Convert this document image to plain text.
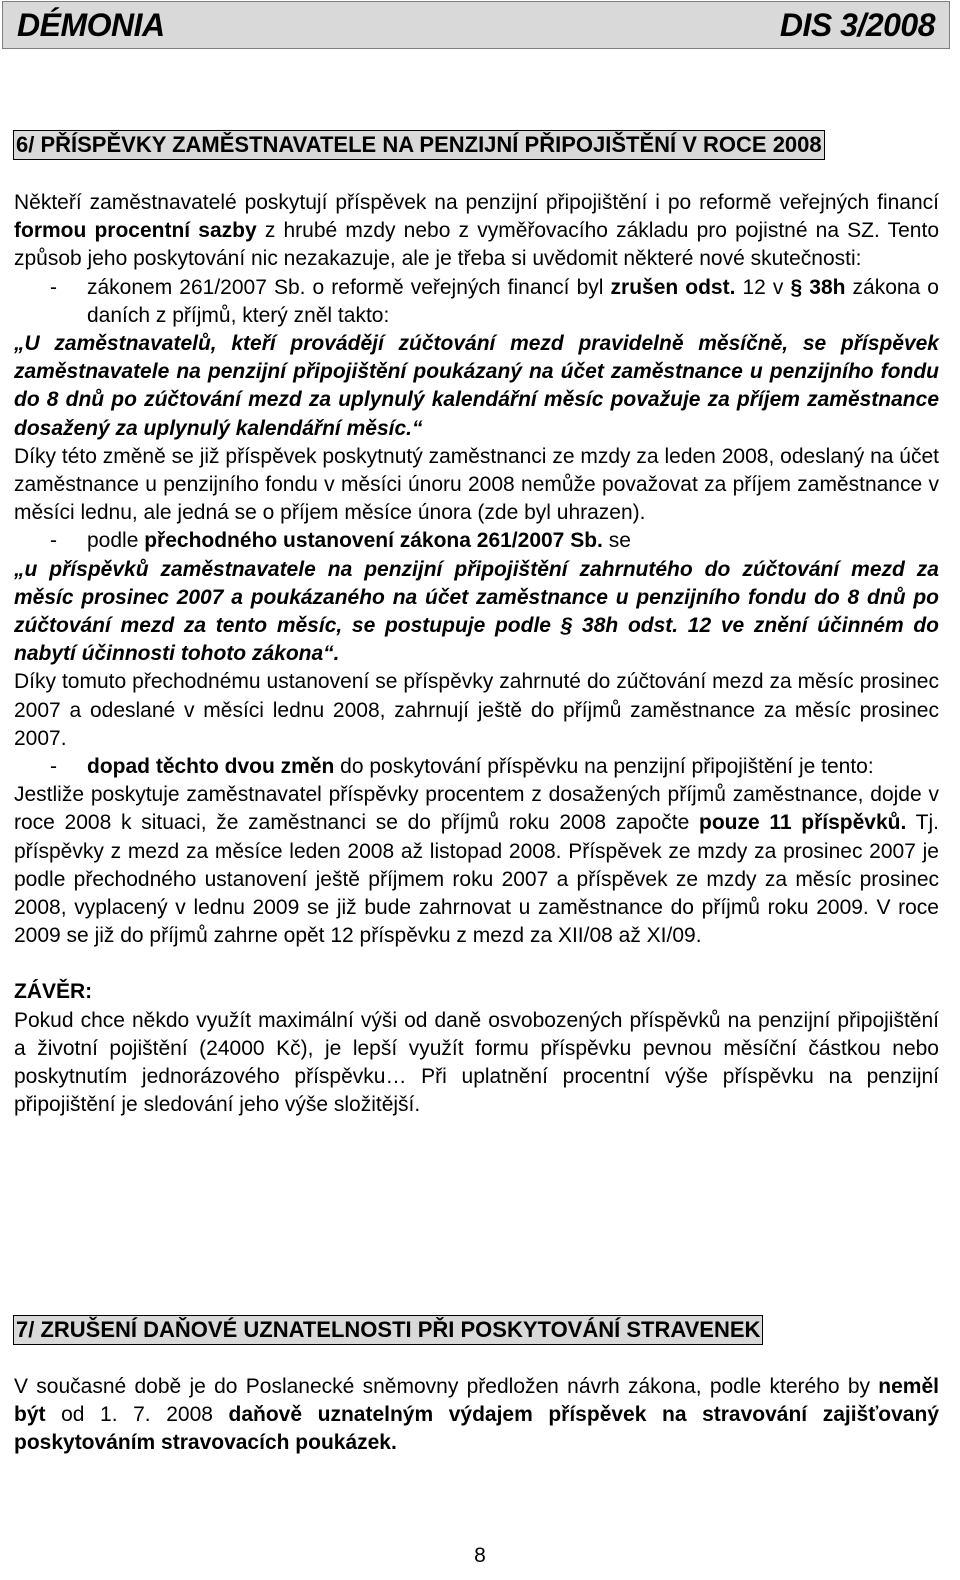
DÉMONIA	DIS 3/2008
6/ PŘÍSPĚVKY ZAMĚSTNAVATELE NA PENZIJNÍ PŘIPOJIŠTĚNÍ V ROCE 2008
Někteří zaměstnavatelé poskytují příspěvek na penzijní připojištění i po reformě veřejných financí formou procentní sazby z hrubé mzdy nebo z vyměřovacího základu pro pojistné na SZ. Tento způsob jeho poskytování nic nezakazuje, ale je třeba si uvědomit některé nové skutečnosti:
- zákonem 261/2007 Sb. o reformě veřejných financí byl zrušen odst. 12 v § 38h zákona o daních z příjmů, který zněl takto:
„U zaměstnavatelů, kteří provádějí zúčtování mezd pravidelně měsíčně, se příspěvek zaměstnavatele na penzijní připojištění poukázaný na účet zaměstnance u penzijního fondu do 8 dnů po zúčtování mezd za uplynulý kalendářní měsíc považuje za příjem zaměstnance dosažený za uplynulý kalendářní měsíc.“
Díky této změně se již příspěvek poskytnutý zaměstnanci ze mzdy za leden 2008, odeslaný na účet zaměstnance u penzijního fondu v měsíci únoru 2008 nemůže považovat za příjem zaměstnance v měsíci lednu, ale jedná se o příjem měsíce února (zde byl uhrazen).
- podle přechodného ustanovení zákona 261/2007 Sb. se
„u příspěvků zaměstnavatele na penzijní připojištění zahrnutého do zúčtování mezd za měsíc prosinec 2007 a poukázaného na účet zaměstnance u penzijního fondu do 8 dnů po zúčtování mezd za tento měsíc, se postupuje podle § 38h odst. 12 ve znění účinném do nabytí účinnosti tohoto zákona“.
Díky tomuto přechodnému ustanovení se příspěvky zahrnuté do zúčtování mezd za měsíc prosinec 2007 a odeslané v měsíci lednu 2008, zahrnují ještě do příjmů zaměstnance za měsíc prosinec 2007.
- dopad těchto dvou změn do poskytování příspěvku na penzijní připojištění je tento:
Jestliže poskytuje zaměstnavatel příspěvky procentem z dosažených příjmů zaměstnance, dojde v roce 2008 k situaci, že zaměstnanci se do příjmů roku 2008 započte pouze 11 příspěvků. Tj. příspěvky z mezd za měsíce leden 2008 až listopad 2008. Příspěvek ze mzdy za prosinec 2007 je podle přechodného ustanovení ještě příjmem roku 2007 a příspěvek ze mzdy za měsíc prosinec 2008, vyplacený v lednu 2009 se již bude zahrnovat u zaměstnance do příjmů roku 2009. V roce 2009 se již do příjmů zahrne opět 12 příspěvku z mezd za XII/08 až XI/09.
ZÁVĚR:
Pokud chce někdo využít maximální výši od daně osvobozených příspěvků na penzijní připojištění a životní pojištění (24000 Kč), je lepší využít formu příspěvku pevnou měsíční částkou nebo poskytnutím jednorázového příspěvku… Při uplatnění procentní výše příspěvku na penzijní připojištění je sledování jeho výše složitější.
7/ ZRUŠENÍ DAŇOVÉ UZNATELNOSTI PŘI POSKYTOVÁNÍ STRAVENEK
V současné době je do Poslanecké sněmovny předložen návrh zákona, podle kterého by neměl být od 1. 7. 2008 daňově uznatelným výdajem příspěvek na stravování zajišťovaný poskytováním stravovacích poukázek.
8
